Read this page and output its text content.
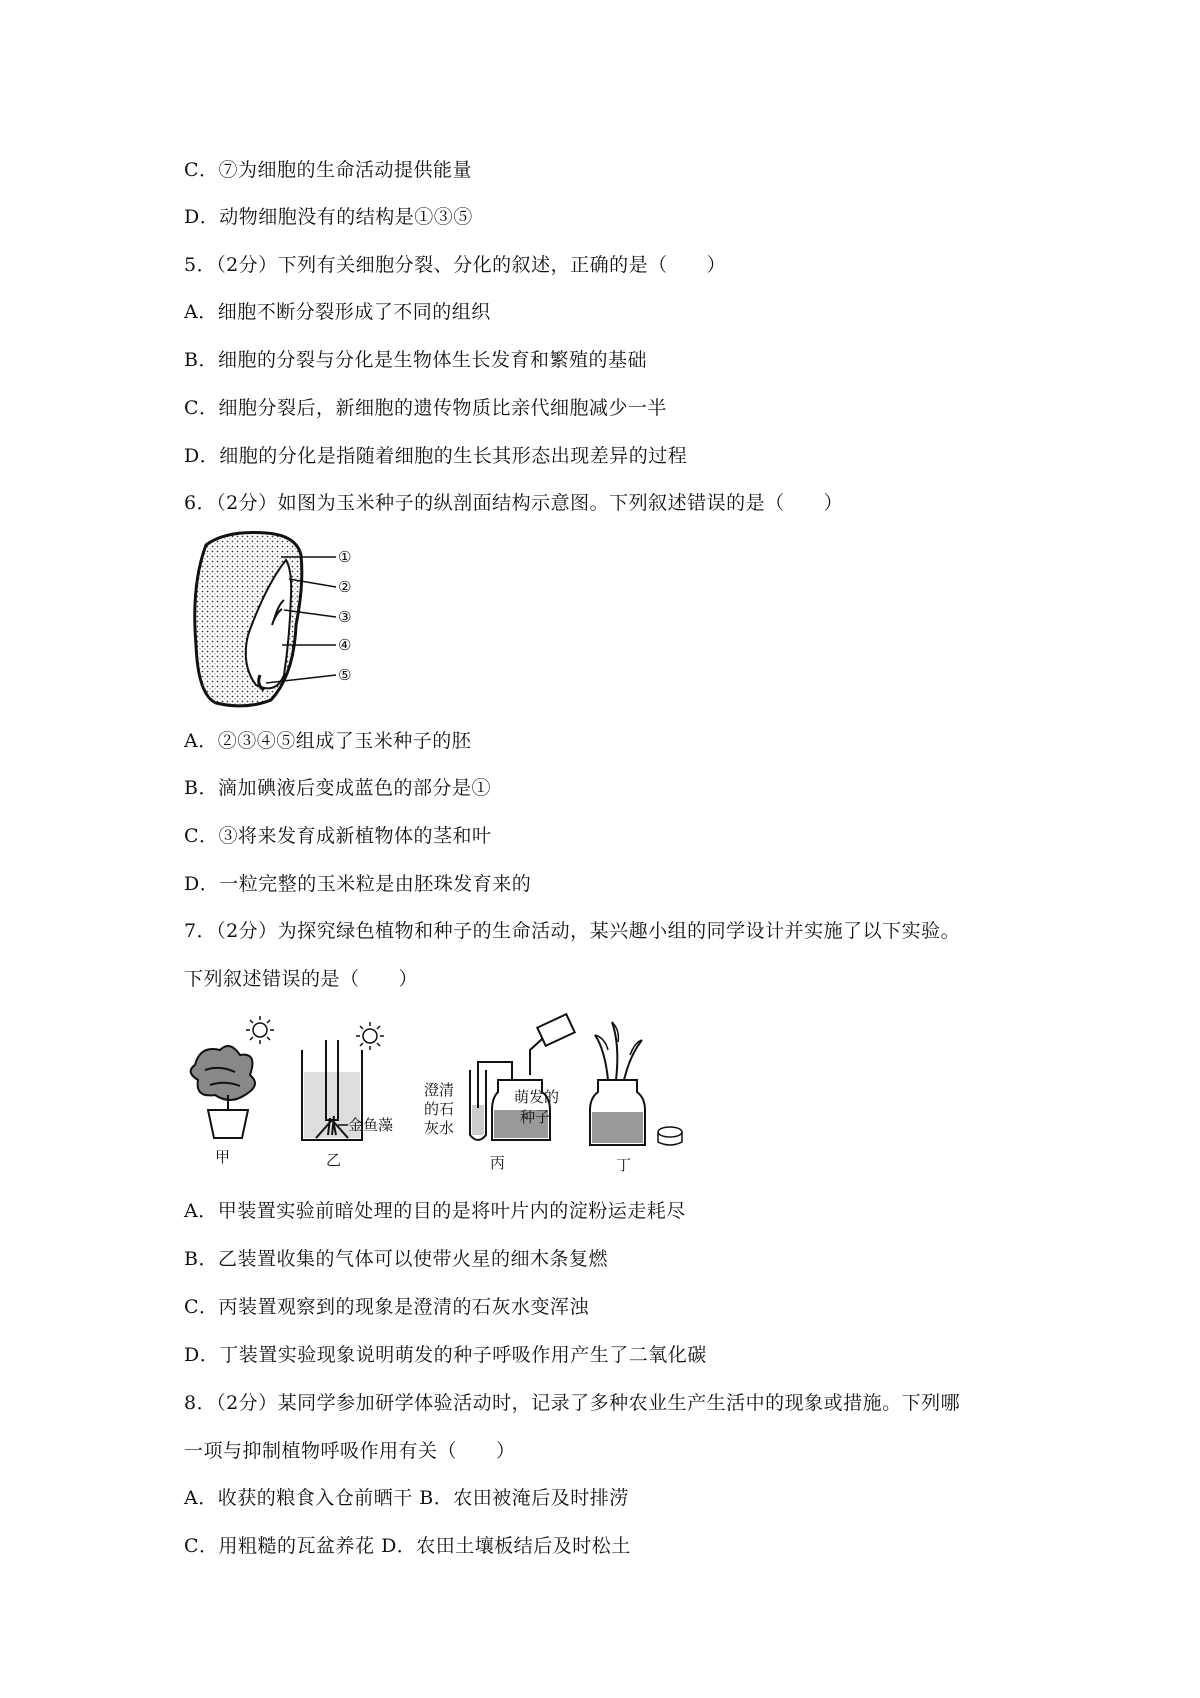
C．⑦为细胞的生命活动提供能量
D．动物细胞没有的结构是①③⑤
5．（2分）下列有关细胞分裂、分化的叙述，正确的是（　　）
A．细胞不断分裂形成了不同的组织
B．细胞的分裂与分化是生物体生长发育和繁殖的基础
C．细胞分裂后，新细胞的遗传物质比亲代细胞减少一半
D．细胞的分化是指随着细胞的生长其形态出现差异的过程
6．（2分）如图为玉米种子的纵剖面结构示意图。下列叙述错误的是（　　）
①
②
③
④
⑤
A．②③④⑤组成了玉米种子的胚
B．滴加碘液后变成蓝色的部分是①
C．③将来发育成新植物体的茎和叶
D．一粒完整的玉米粒是由胚珠发育来的
7．（2分）为探究绿色植物和种子的生命活动，某兴趣小组的同学设计并实施了以下实验。
下列叙述错误的是（　　）
甲
金鱼藻
乙
澄清
的石
灰水
萌发的
种子
丙	丁
A．甲装置实验前暗处理的目的是将叶片内的淀粉运走耗尽
B．乙装置收集的气体可以使带火星的细木条复燃
C．丙装置观察到的现象是澄清的石灰水变浑浊
D．丁装置实验现象说明萌发的种子呼吸作用产生了二氧化碳
8．（2分）某同学参加研学体验活动时，记录了多种农业生产生活中的现象或措施。下列哪
一项与抑制植物呼吸作用有关（　　）
A．收获的粮食入仓前晒干 B．农田被淹后及时排涝
C．用粗糙的瓦盆养花 D．农田土壤板结后及时松土
